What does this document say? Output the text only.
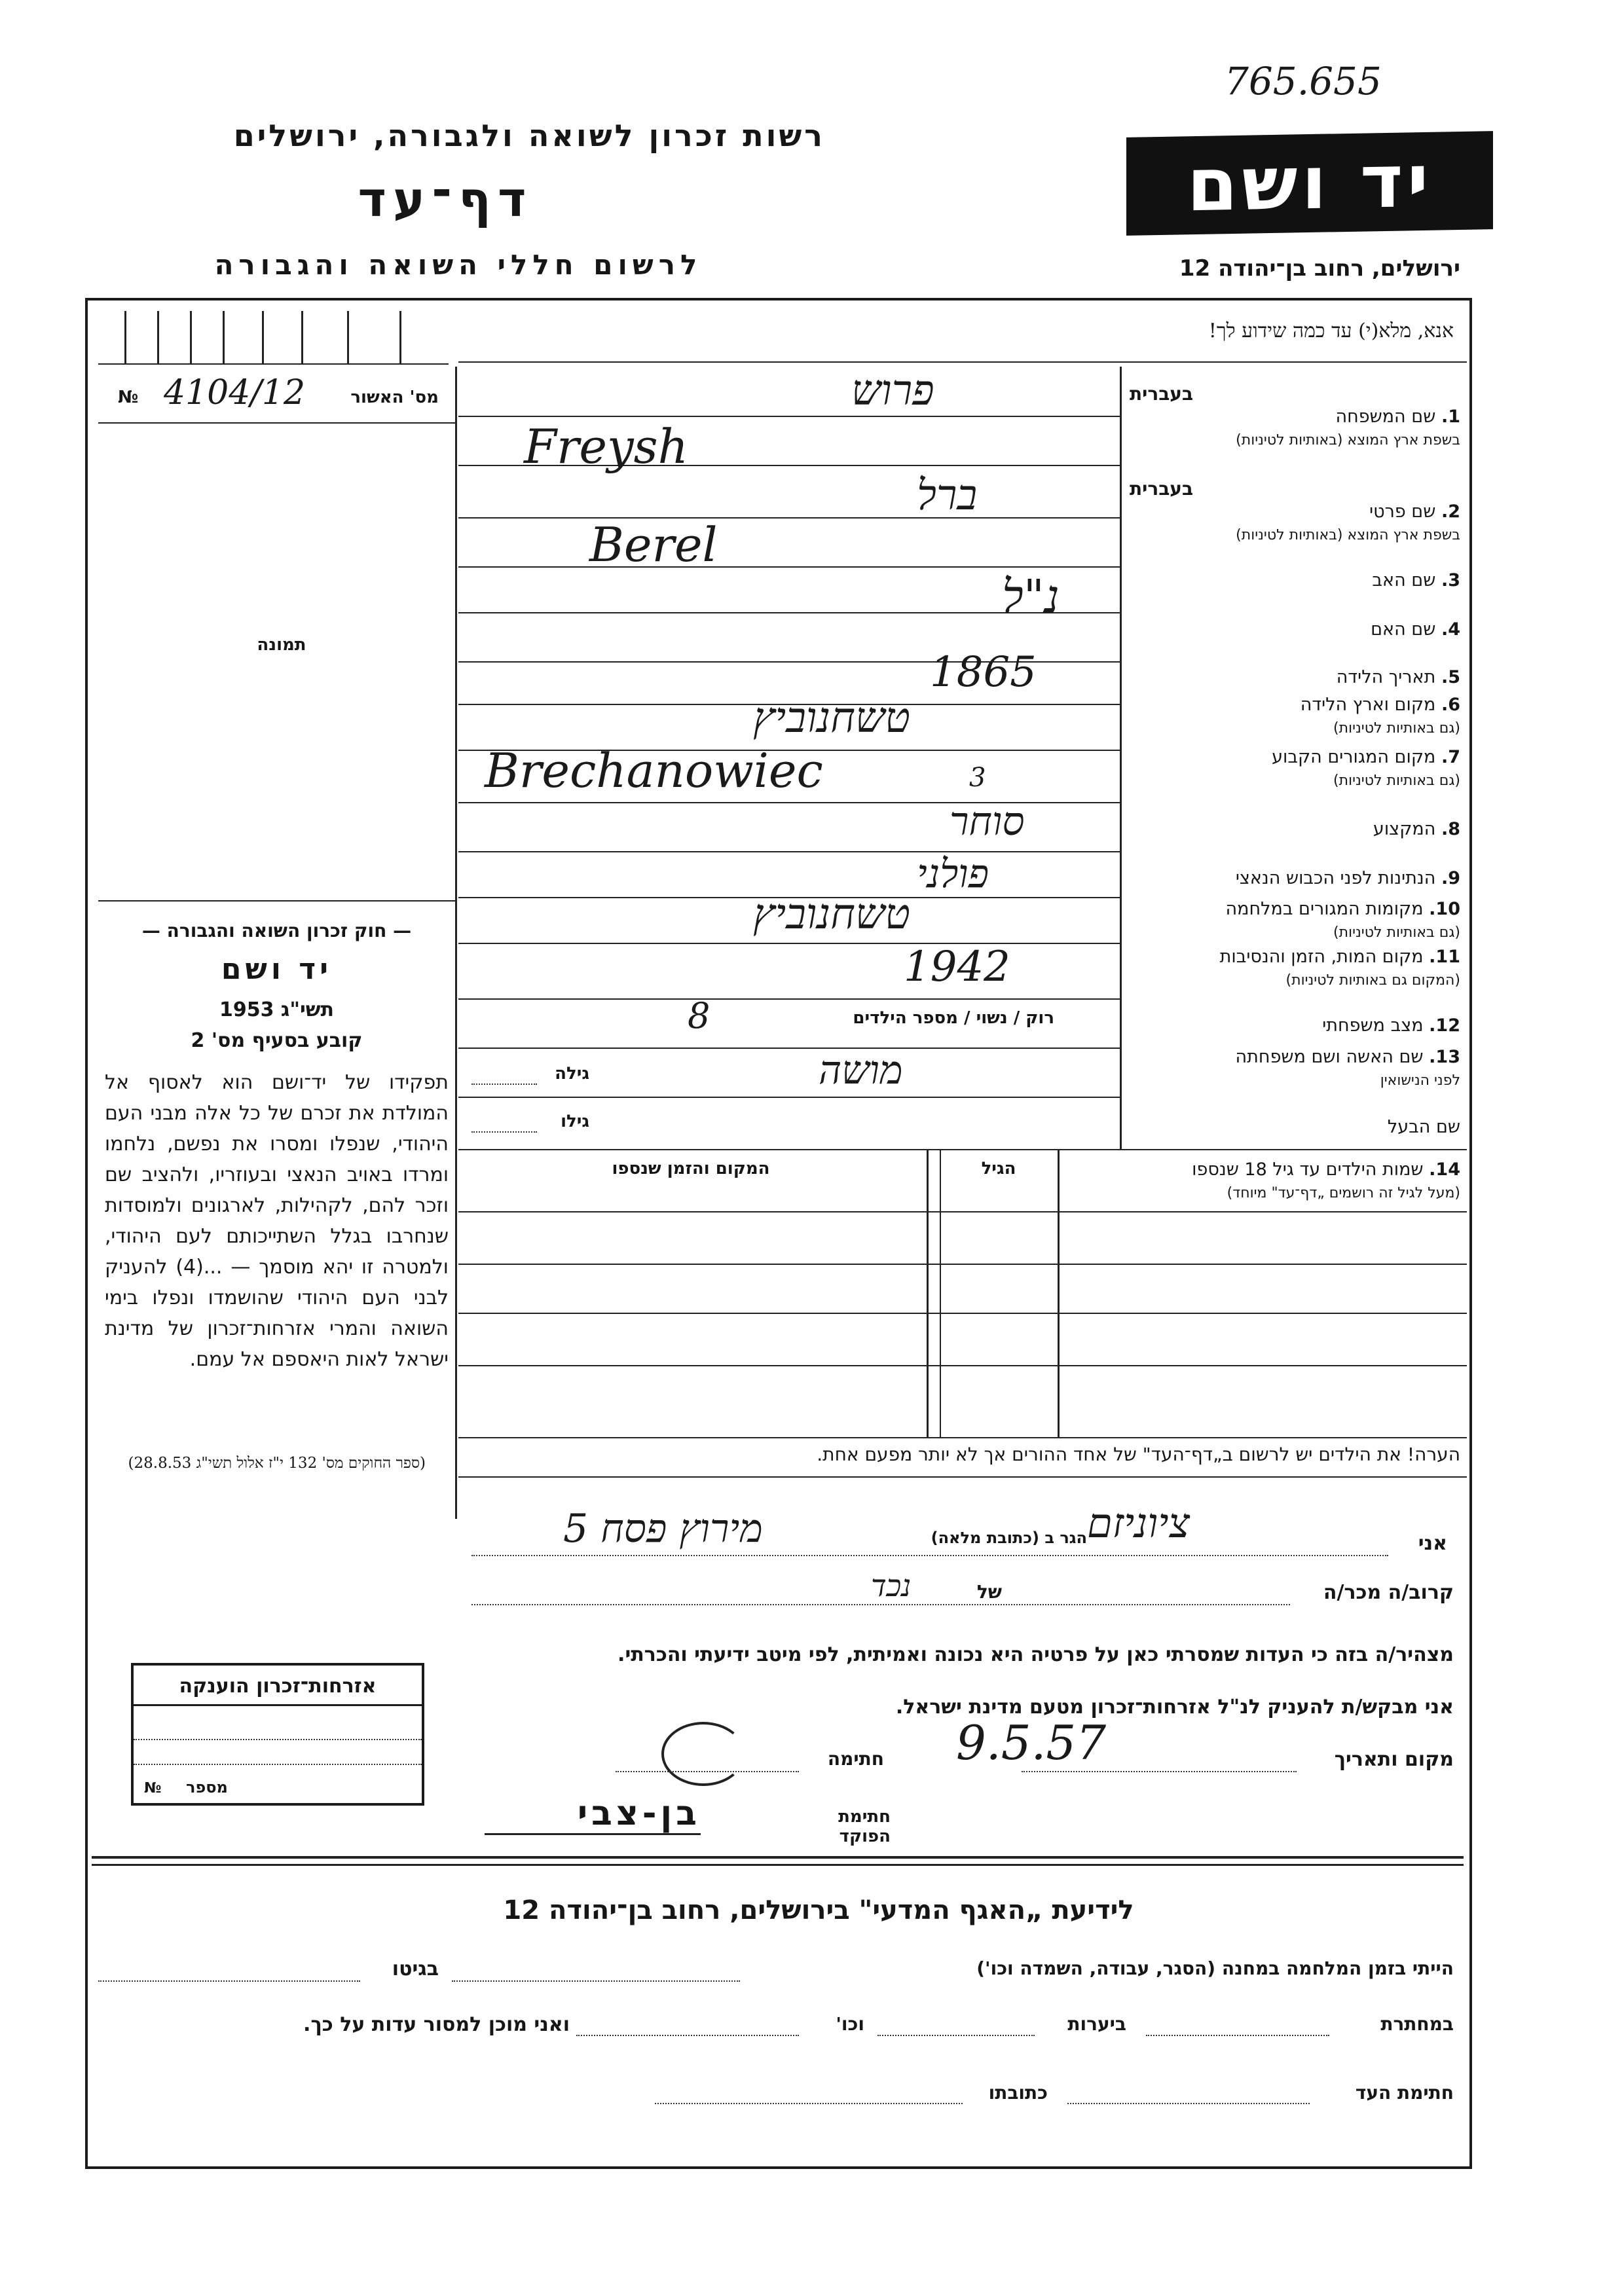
765.655
רשות זכרון לשואה ולגבורה, ירושלים
דף־עד
לרשום חללי השואה והגבורה
יד ושם
ירושלים, רחוב בן־יהודה 12
אנא, מלא(י) עד כמה שידוע לך!
№ 4104/12	מס' האשור
תמונה
— חוק זכרון השואה והגבורה —
יד ושם
תשי"ג 1953
קובע בסעיף מס' 2
תפקידו של יד־ושם הוא לאסוף אל המולדת את זכרם של כל אלה מבני העם היהודי, שנפלו ומסרו את נפשם, נלחמו ומרדו באויב הנאצי ובעוזריו, ולהציב שם וזכר להם, לקהילות, לארגונים ולמוסדות שנחרבו בגלל השתייכותם לעם היהודי, ולמטרה זו יהא מוסמך — ...(4) להעניק לבני העם היהודי שהושמדו ונפלו בימי השואה והמרי אזרחות־זכרון של מדינת ישראל לאות היאספם אל עמם.
(ספר החוקים מס' 132 י"ז אלול תשי"ג 28.8.53)
בעברית
בעברית
1. שם המשפחה
בשפת ארץ המוצא (באותיות לטיניות)
2. שם פרטי
בשפת ארץ המוצא (באותיות לטיניות)
3. שם האב
4. שם האם
5. תאריך הלידה
6. מקום וארץ הלידה
(גם באותיות לטיניות)
7. מקום המגורים הקבוע
(גם באותיות לטיניות)
8. המקצוע
9. הנתינות לפני הכבוש הנאצי
10. מקומות המגורים במלחמה
(גם באותיות לטיניות)
11. מקום המות, הזמן והנסיבות
(המקום גם באותיות לטיניות)
12. מצב משפחתי
13. שם האשה ושם משפחתה
לפני הנישואין
שם הבעל
פרוש
Freysh
ברל
Berel
נ"ל
1865
טשחנוביץ
Brechanowiec	3
סוחר
פולני
טשחנוביץ
1942
רוק / נשוי / מספר הילדים
8
מושה
גילה
גילו
14. שמות הילדים עד גיל 18 שנספו
(מעל לגיל זה רושמים „דף־עד" מיוחד)
הגיל
המקום והזמן שנספו
הערה! את הילדים יש לרשום ב„דף־העד" של אחד ההורים אך לא יותר מפעם אחת.
אני
ציוניזם
הגר ב (כתובת מלאה)
מירוץ פסח 5
קרוב/ה מכר/ה
של
נכד
מצהיר/ה בזה כי העדות שמסרתי כאן על פרטיה היא נכונה ואמיתית, לפי מיטב ידיעתי והכרתי.
אני מבקש/ת להעניק לנ"ל אזרחות־זכרון מטעם מדינת ישראל.
מקום ותאריך
9.5.57
חתימה
חתימת הפוקד
בן-צבי
אזרחות־זכרון הוענקה
№ מספר
לידיעת „האגף המדעי" בירושלים, רחוב בן־יהודה 12
הייתי בזמן המלחמה במחנה (הסגר, עבודה, השמדה וכו')
בגיטו
במחתרת
ביערות
וכו'
ואני מוכן למסור עדות על כך.
חתימת העד
כתובתו
